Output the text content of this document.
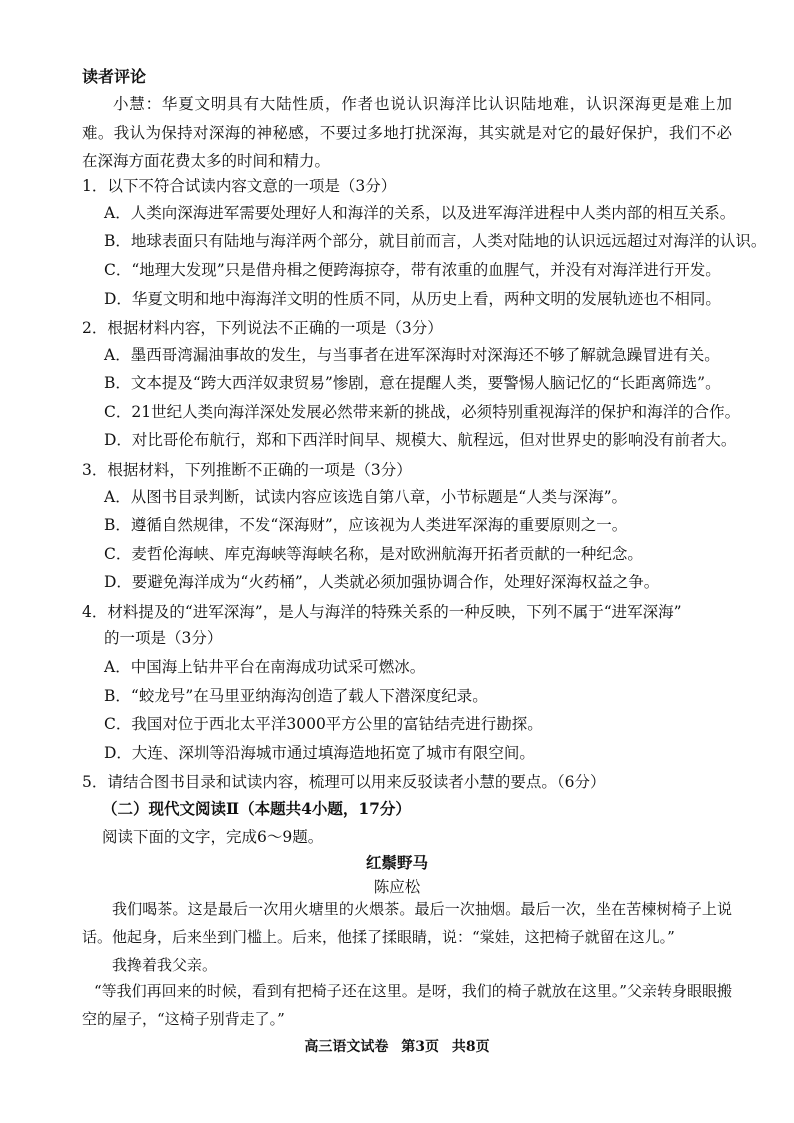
读者评论
小慧：华夏文明具有大陆性质，作者也说认识海洋比认识陆地难，认识深海更是难上加难。我认为保持对深海的神秘感，不要过多地打扰深海，其实就是对它的最好保护，我们不必在深海方面花费太多的时间和精力。
1．以下不符合试读内容文意的一项是（3分）
A．人类向深海进军需要处理好人和海洋的关系，以及进军海洋进程中人类内部的相互关系。
B．地球表面只有陆地与海洋两个部分，就目前而言，人类对陆地的认识远远超过对海洋的认识。
C．“地理大发现”只是借舟楫之便跨海掠夺，带有浓重的血腥气，并没有对海洋进行开发。
D．华夏文明和地中海海洋文明的性质不同，从历史上看，两种文明的发展轨迹也不相同。
2．根据材料内容，下列说法不正确的一项是（3分）
A．墨西哥湾漏油事故的发生，与当事者在进军深海时对深海还不够了解就急躁冒进有关。
B．文本提及“跨大西洋奴隶贸易”惨剧，意在提醒人类，要警惕人脑记忆的“长距离筛选”。
C．21世纪人类向海洋深处发展必然带来新的挑战，必须特别重视海洋的保护和海洋的合作。
D．对比哥伦布航行，郑和下西洋时间早、规模大、航程远，但对世界史的影响没有前者大。
3．根据材料，下列推断不正确的一项是（3分）
A．从图书目录判断，试读内容应该选自第八章，小节标题是“人类与深海”。
B．遵循自然规律，不发“深海财”，应该视为人类进军深海的重要原则之一。
C．麦哲伦海峡、库克海峡等海峡名称，是对欧洲航海开拓者贡献的一种纪念。
D．要避免海洋成为“火药桶”，人类就必须加强协调合作，处理好深海权益之争。
4．材料提及的“进军深海”，是人与海洋的特殊关系的一种反映，下列不属于“进军深海”
的一项是（3分）
A．中国海上钻井平台在南海成功试采可燃冰。
B．“蛟龙号”在马里亚纳海沟创造了载人下潜深度纪录。
C．我国对位于西北太平洋3000平方公里的富钴结壳进行勘探。
D．大连、深圳等沿海城市通过填海造地拓宽了城市有限空间。
5．请结合图书目录和试读内容，梳理可以用来反驳读者小慧的要点。（6分）
（二）现代文阅读Ⅱ（本题共4小题，17分）
阅读下面的文字，完成6～9题。
红鬃野马
陈应松
我们喝茶。这是最后一次用火塘里的火煨茶。最后一次抽烟。最后一次，坐在苦楝树椅子上说话。他起身，后来坐到门槛上。后来，他揉了揉眼睛，说：“棠娃，这把椅子就留在这儿。”
我搀着我父亲。
“等我们再回来的时候，看到有把椅子还在这里。是呀，我们的椅子就放在这里。”父亲转身眼眼搬空的屋子，“这椅子别背走了。”
高三语文试卷 第3页 共8页
